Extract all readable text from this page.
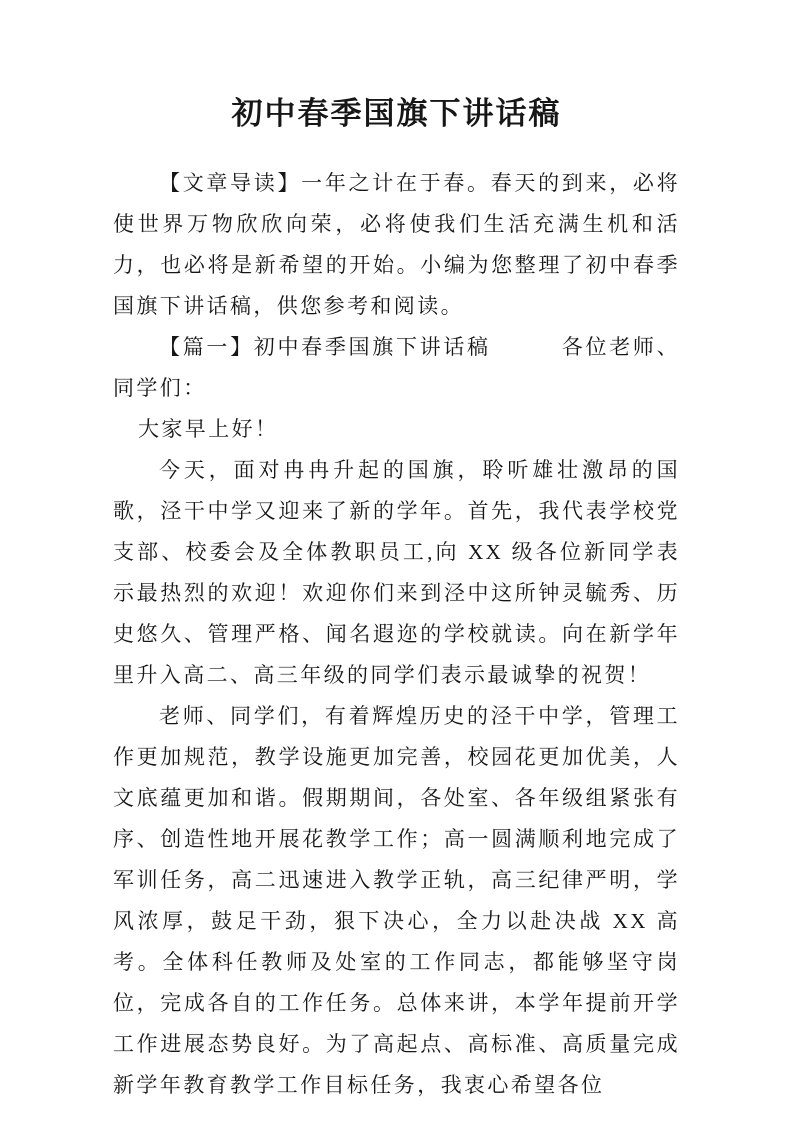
初中春季国旗下讲话稿

【文章导读】一年之计在于春。春天的到来，必将使世界万物欣欣向荣，必将使我们生活充满生机和活力，也必将是新希望的开始。小编为您整理了初中春季国旗下讲话稿，供您参考和阅读。

【篇一】初中春季国旗下讲话稿　　　各位老师、同学们：

大家早上好！

今天，面对冉冉升起的国旗，聆听雄壮激昂的国歌，泾干中学又迎来了新的学年。首先，我代表学校党支部、校委会及全体教职员工,向 XX 级各位新同学表示最热烈的欢迎！欢迎你们来到泾中这所钟灵毓秀、历史悠久、管理严格、闻名遐迩的学校就读。向在新学年里升入高二、高三年级的同学们表示最诚挚的祝贺！

老师、同学们，有着辉煌历史的泾干中学，管理工作更加规范，教学设施更加完善，校园花更加优美，人文底蕴更加和谐。假期期间，各处室、各年级组紧张有序、创造性地开展花教学工作；高一圆满顺利地完成了军训任务，高二迅速进入教学正轨，高三纪律严明，学风浓厚，鼓足干劲，狠下决心，全力以赴决战 XX 高考。全体科任教师及处室的工作同志，都能够坚守岗位，完成各自的工作任务。总体来讲，本学年提前开学工作进展态势良好。为了高起点、高标准、高质量完成新学年教育教学工作目标任务，我衷心希望各位
